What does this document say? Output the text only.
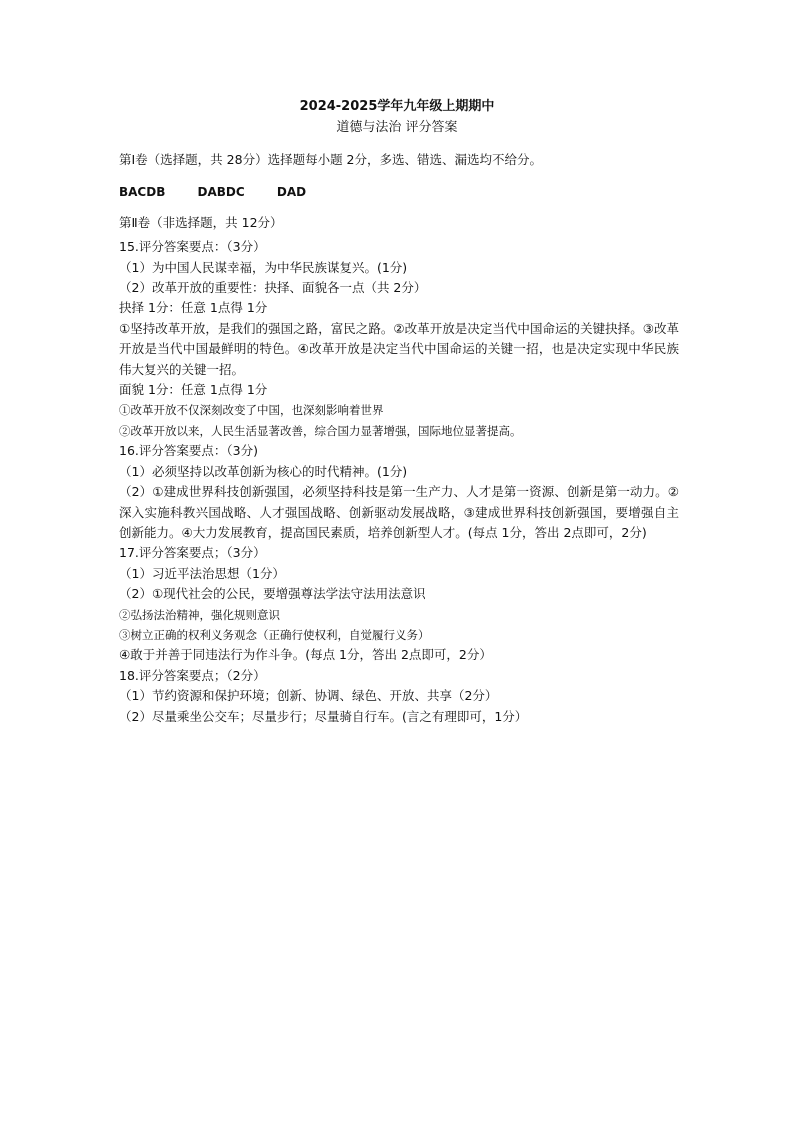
2024-2025学年九年级上期期中
道德与法治 评分答案
第Ⅰ卷（选择题，共 28分）选择题每小题 2分，多选、错选、漏选均不给分。
BACDB DABDC DAD
第Ⅱ卷（非选择题，共 12分）
15.评分答案要点：（3分）
（1）为中国人民谋幸福，为中华民族谋复兴。(1分)
（2）改革开放的重要性：抉择、面貌各一点（共 2分）
抉择 1分：任意 1点得 1分
①坚持改革开放，是我们的强国之路，富民之路。②改革开放是决定当代中国命运的关键抉择。③改革开放是当代中国最鲜明的特色。④改革开放是决定当代中国命运的关键一招，也是决定实现中华民族伟大复兴的关键一招。
面貌 1分：任意 1点得 1分
①改革开放不仅深刻改变了中国，也深刻影响着世界
②改革开放以来，人民生活显著改善，综合国力显著增强，国际地位显著提高。
16.评分答案要点：（3分)
（1）必须坚持以改革创新为核心的时代精神。(1分)
（2）①建成世界科技创新强国，必须坚持科技是第一生产力、人才是第一资源、创新是第一动力。②深入实施科教兴国战略、人才强国战略、创新驱动发展战略，③建成世界科技创新强国，要增强自主创新能力。④大力发展教育，提高国民素质，培养创新型人才。(每点 1分，答出 2点即可，2分)
17.评分答案要点；（3分）
（1）习近平法治思想（1分）
（2）①现代社会的公民，要增强尊法学法守法用法意识
②弘扬法治精神，强化规则意识
③树立正确的权利义务观念（正确行使权利，自觉履行义务）
④敢于并善于同违法行为作斗争。(每点 1分，答出 2点即可，2分）
18.评分答案要点；（2分）
（1）节约资源和保护环境；创新、协调、绿色、开放、共享（2分）
（2）尽量乘坐公交车；尽量步行；尽量骑自行车。(言之有理即可，1分）
